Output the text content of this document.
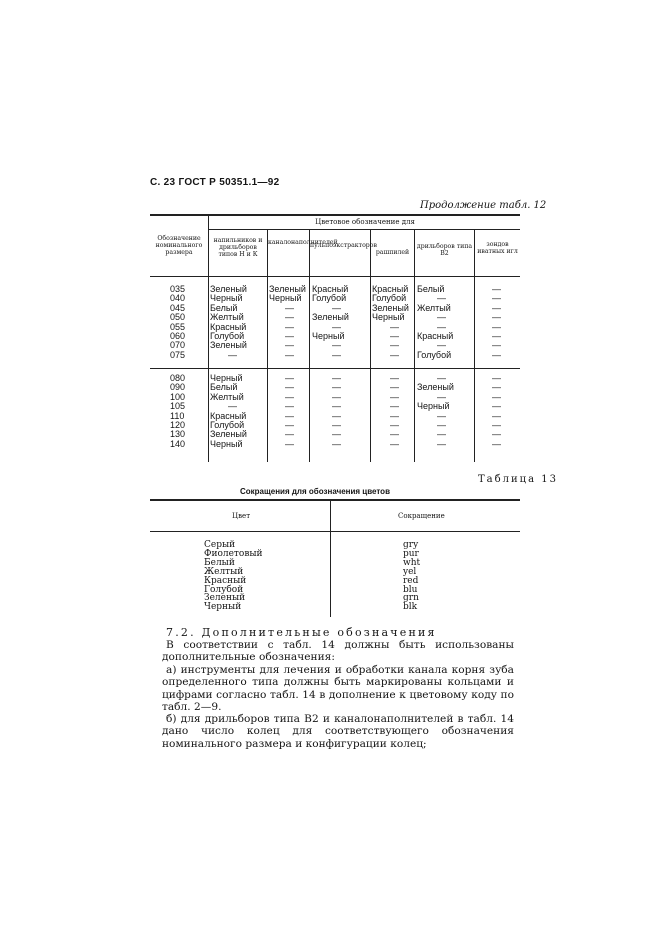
С. 23 ГОСТ Р 50351.1—92
Продолжение табл. 12
Цветовое обозначение для
Обозначение номинального размера
напильников и дрильборов типов Н и К
каналонаполнителей
пульпоэкстракторов
рашпилей
дрильборов типа В2
зондов иватных игл
035
040
045
050
055
060
070
075
Зеленый
Черный
Белый
Желтый
Красный
Голубой
Зеленый
—
Зеленый
Черный
—
—
—
—
—
—
Красный
Голубой
—
Зеленый
—
Черный
—
—
Красный
Голубой
Зеленый
Черный
—
—
—
—
Белый
—
Желтый
—
—
Красный
—
Голубой
—
—
—
—
—
—
—
—
080
090
100
105
110
120
130
140
Черный
Белый
Желтый
—
Красный
Голубой
Зеленый
Черный
—
—
—
—
—
—
—
—
—
—
—
—
—
—
—
—
—
—
—
—
—
—
—
—
—
Зеленый
—
Черный
—
—
—
—
—
—
—
—
—
—
—
—
Таблица 13
Сокращения для обозначения цветов
Цвет	Сокращение
Серый
Фиолетовый
Белый
Желтый
Красный
Голубой
Зеленый
Черный
gry
pur
wht
yel
red
blu
grn
blk
7.2. Дополнительные обозначения

В соответствии с табл. 14 должны быть использованы дополнительные обозначения:

а) инструменты для лечения и обработки канала корня зуба определенного типа должны быть маркированы кольцами и цифрами согласно табл. 14 в дополнение к цветовому коду по табл. 2—9.

б) для дрильборов типа В2 и каналонаполнителей в табл. 14 дано число колец для соответствующего обозначения номинального размера и конфигурации колец;
